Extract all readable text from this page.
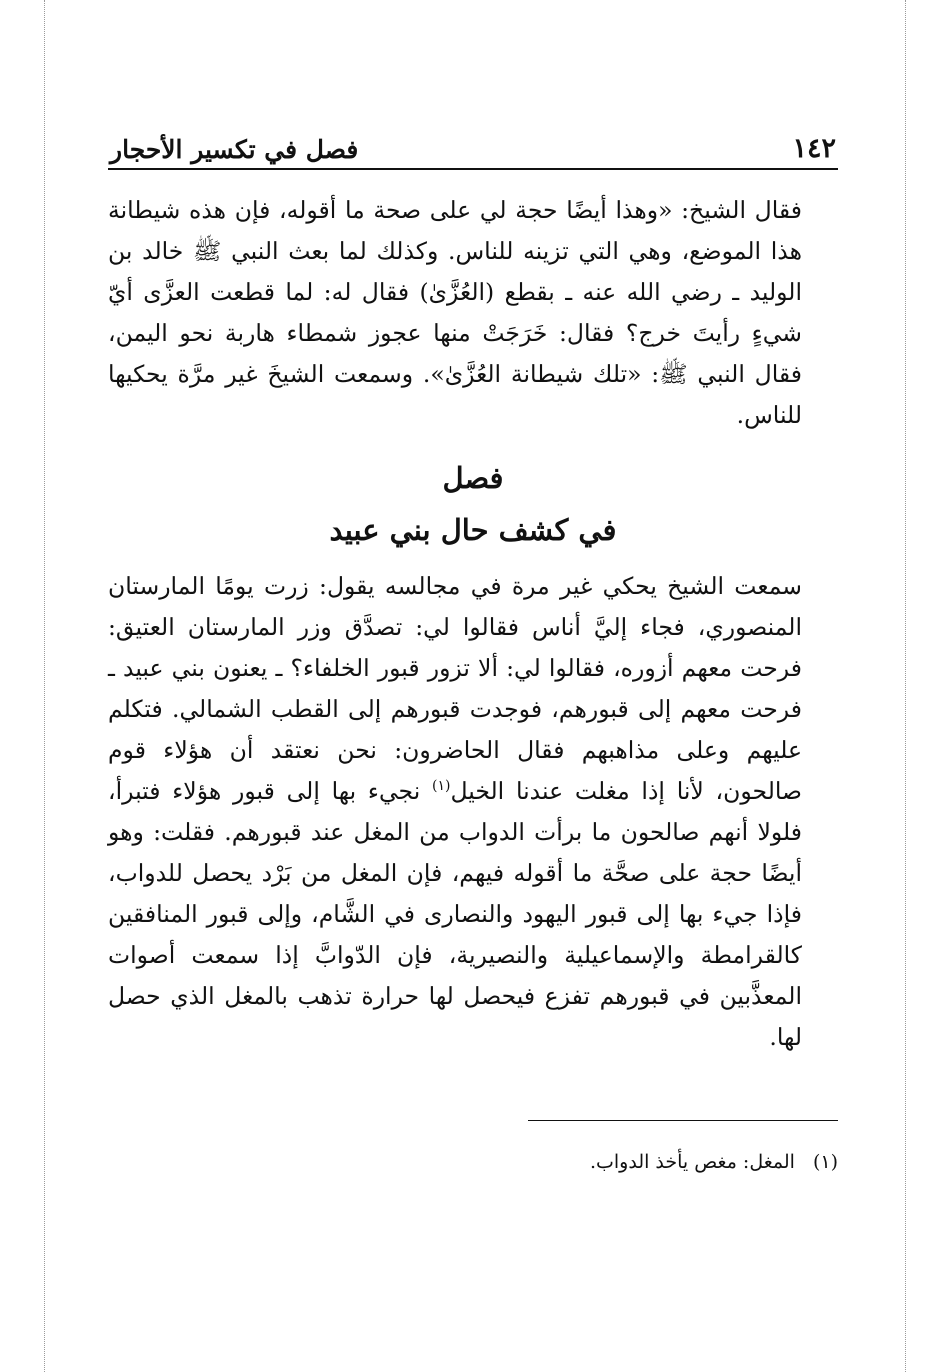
١٤٢
فصل في تكسير الأحجار

فقال الشيخ: «وهذا أيضًا حجة لي على صحة ما أقوله، فإن هذه شيطانة هذا الموضع، وهي التي تزينه للناس. وكذلك لما بعث النبي ﷺ خالد بن الوليد ـ رضي الله عنه ـ بقطع (العُزَّىٰ) فقال له: لما قطعت العزَّى أيّ شيءٍ رأيتَ خرج؟ فقال: خَرَجَتْ منها عجوز شمطاء هاربة نحو اليمن، فقال النبي ﷺ: «تلك شيطانة العُزَّىٰ». وسمعت الشيخَ غير مرَّة يحكيها للناس.

فصل
في كشف حال بني عبيد

سمعت الشيخ يحكي غير مرة في مجالسه يقول: زرت يومًا المارستان المنصوري، فجاء إليَّ أناس فقالوا لي: تصدَّق وزر المارستان العتيق: فرحت معهم أزوره، فقالوا لي: ألا تزور قبور الخلفاء؟ ـ يعنون بني عبيد ـ فرحت معهم إلى قبورهم، فوجدت قبورهم إلى القطب الشمالي. فتكلم عليهم وعلى مذاهبهم فقال الحاضرون: نحن نعتقد أن هؤلاء قوم صالحون، لأنا إذا مغلت عندنا الخيل$^{(١)}$ نجيء بها إلى قبور هؤلاء فتبرأ، فلولا أنهم صالحون ما برأت الدواب من المغل عند قبورهم. فقلت: وهو أيضًا حجة على صحَّة ما أقوله فيهم، فإن المغل من بَرْد يحصل للدواب، فإذا جيء بها إلى قبور اليهود والنصارى في الشَّام، وإلى قبور المنافقين كالقرامطة والإسماعيلية والنصيرية، فإن الدّوابَّ إذا سمعت أصوات المعذَّبين في قبورهم تفزع فيحصل لها حرارة تذهب بالمغل الذي حصل لها.

(١)
المغل: مغص يأخذ الدواب.
